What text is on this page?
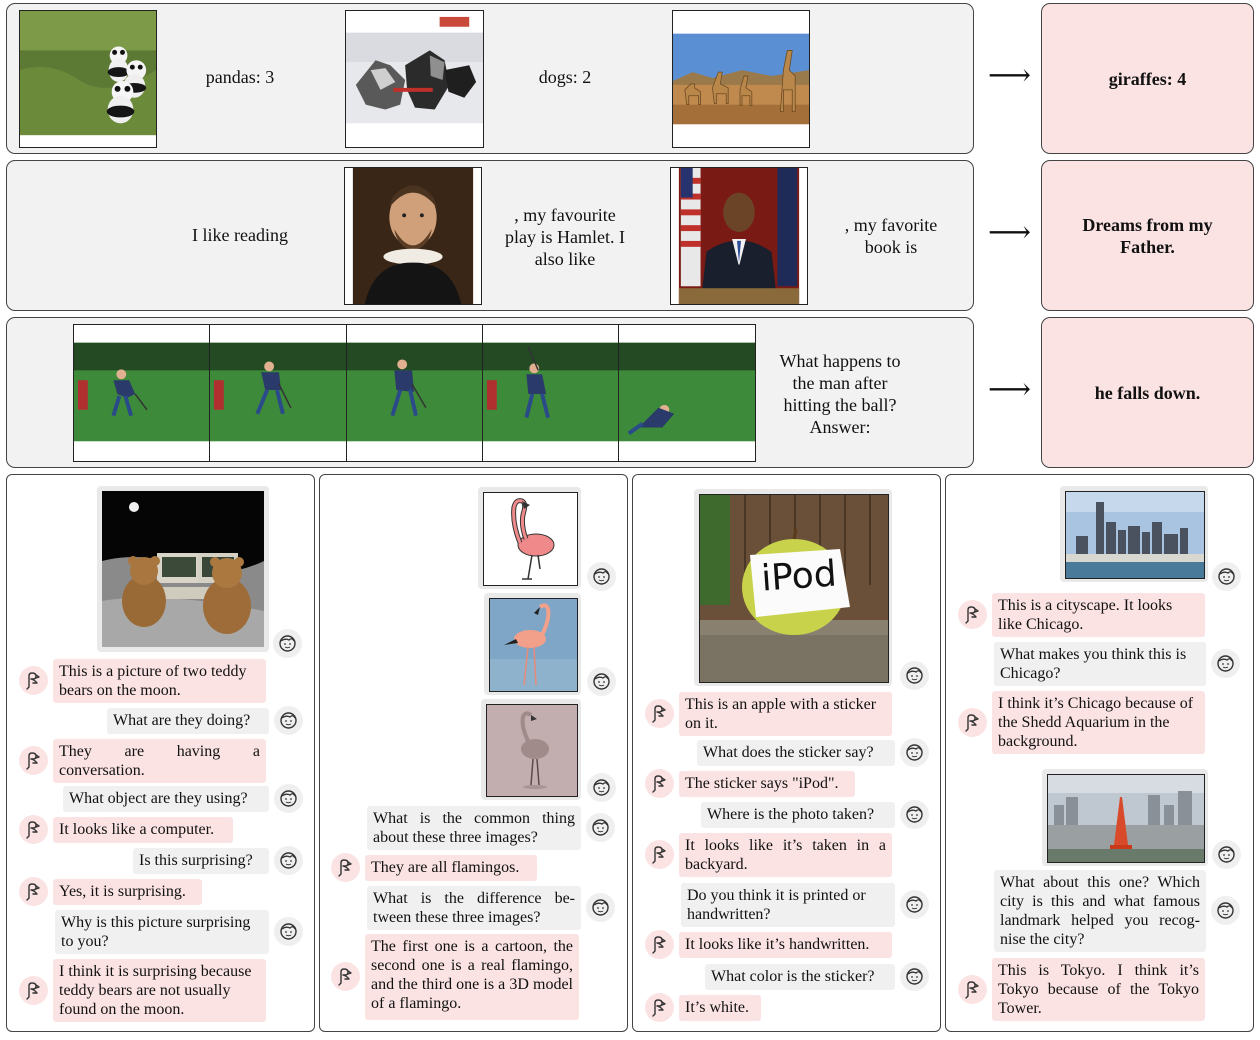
pandas: 3	dogs: 2	⟶	giraffes: 4
I like reading
, my favourite play is Hamlet. I also like
, my favorite book is	⟶	Dreams from my Father.
What happens to the man after hitting the ball? Answer:
⟶	he falls down.
iPod
This is a picture of two teddy bears on the moon.
What are they doing?
They are having a conversation.
What object are they using?
It looks like a computer.
Is this surprising?
Yes, it is surprising.
Why is this picture surprising to you?
I think it is surprising because teddy bears are not usually found on the moon.
What is the common thing about these three images?
They are all flamingos.
What is the difference be- tween these three images?
The first one is a cartoon, the second one is a real flamingo, and the third one is a 3D model of a flamingo.
This is an apple with a sticker on it.
What does the sticker say?
The sticker says "iPod".
Where is the photo taken?
It looks like it’s taken in a backyard.
Do you think it is printed or handwritten?
It looks like it’s handwritten.
What color is the sticker?
It’s white.
This is a cityscape. It looks like Chicago.
What makes you think this is Chicago?
I think it’s Chicago because of the Shedd Aquarium in the background.
What about this one? Which city is this and what famous landmark helped you recog- nise the city?
This is Tokyo. I think it’s Tokyo because of the Tokyo Tower.
